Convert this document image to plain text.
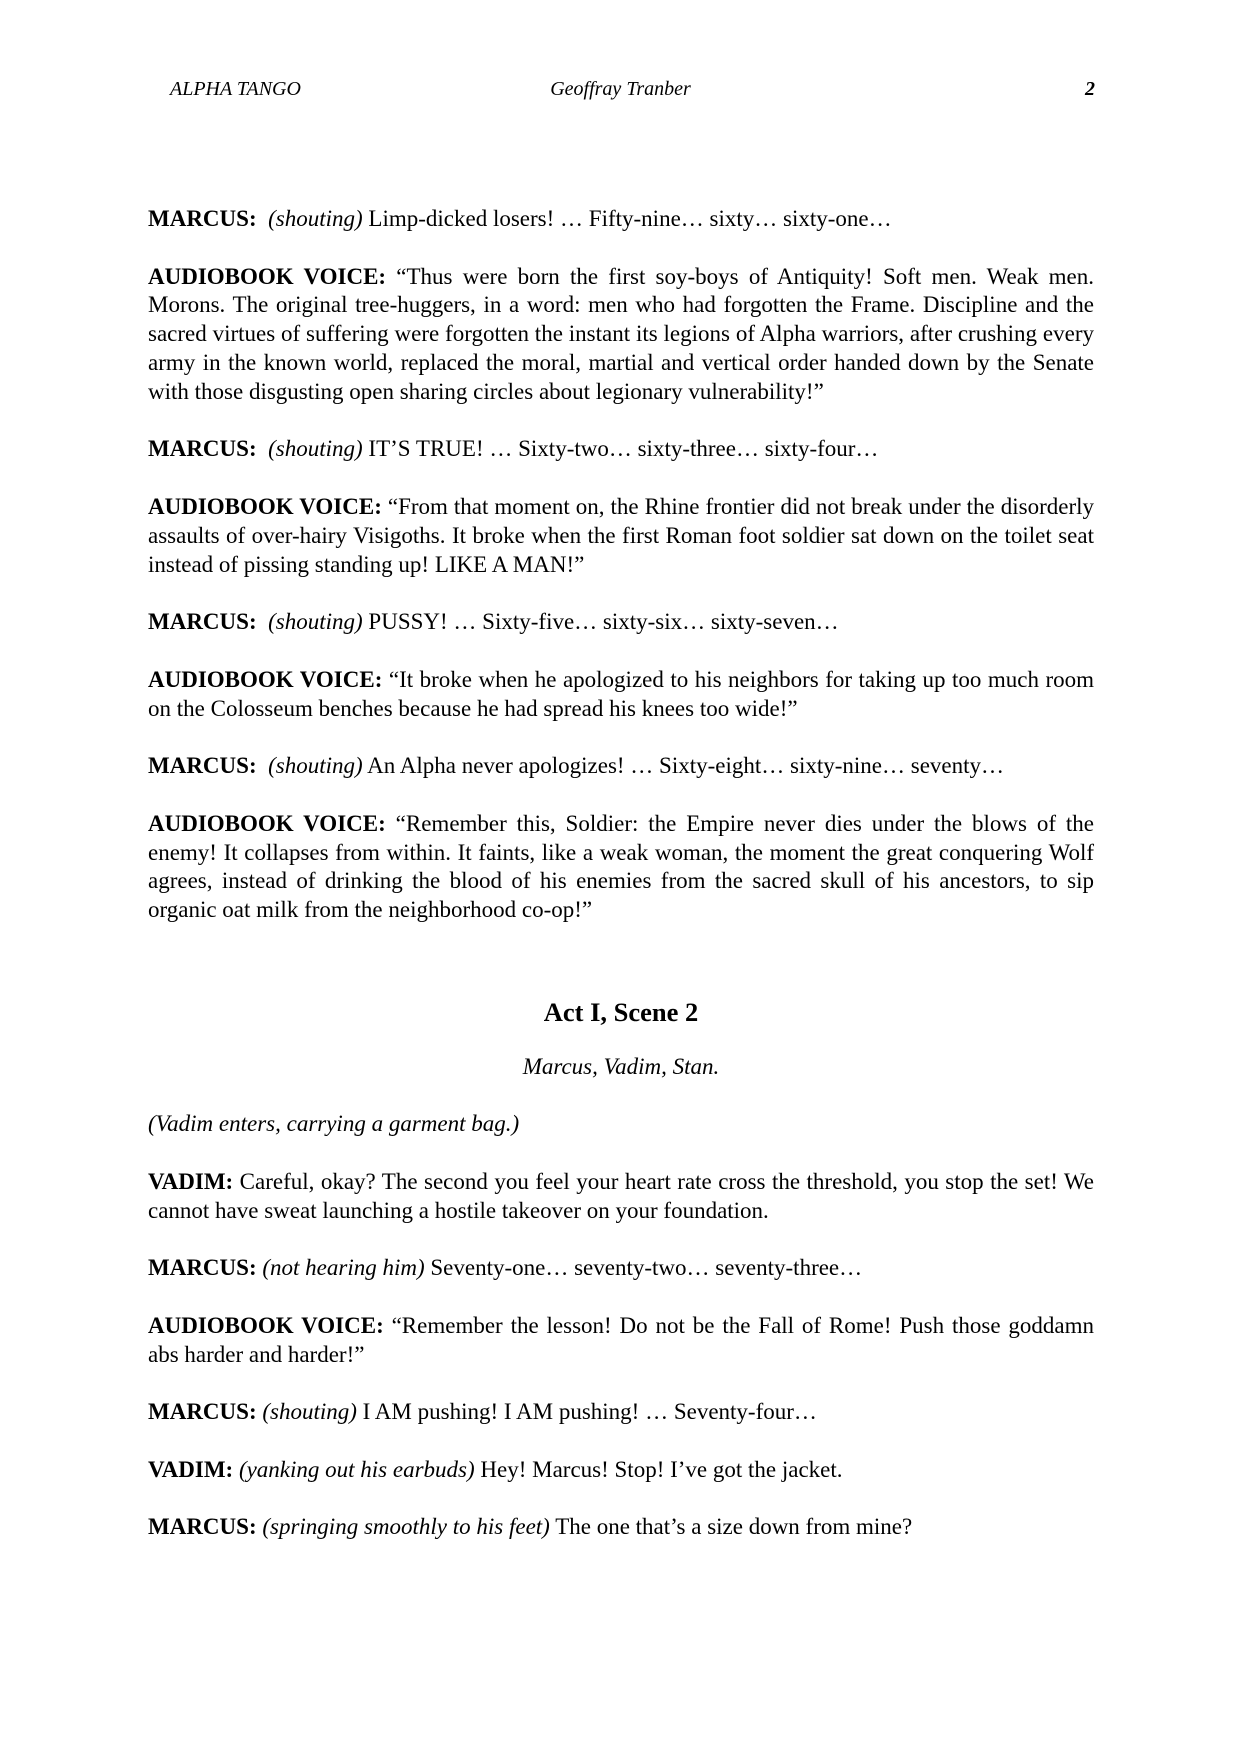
ALPHA TANGO	Geoffray Tranber	2

MARCUS: (shouting) Limp-dicked losers! … Fifty-nine… sixty… sixty-one…

AUDIOBOOK VOICE: “Thus were born the first soy-boys of Antiquity! Soft men. Weak men. Morons. The original tree-huggers, in a word: men who had forgotten the Frame. Discipline and the sacred virtues of suffering were forgotten the instant its legions of Alpha warriors, after crushing every army in the known world, replaced the moral, martial and vertical order handed down by the Senate with those disgusting open sharing circles about legionary vulnerability!”

MARCUS: (shouting) IT’S TRUE! … Sixty-two… sixty-three… sixty-four…

AUDIOBOOK VOICE: “From that moment on, the Rhine frontier did not break under the disorderly assaults of over-hairy Visigoths. It broke when the first Roman foot soldier sat down on the toilet seat instead of pissing standing up! LIKE A MAN!”

MARCUS: (shouting) PUSSY! … Sixty-five… sixty-six… sixty-seven…

AUDIOBOOK VOICE: “It broke when he apologized to his neighbors for taking up too much room on the Colosseum benches because he had spread his knees too wide!”

MARCUS: (shouting) An Alpha never apologizes! … Sixty-eight… sixty-nine… seventy…

AUDIOBOOK VOICE: “Remember this, Soldier: the Empire never dies under the blows of the enemy! It collapses from within. It faints, like a weak woman, the moment the great conquering Wolf agrees, instead of drinking the blood of his enemies from the sacred skull of his ancestors, to sip organic oat milk from the neighborhood co-op!”

Act I, Scene 2
Marcus, Vadim, Stan.
(Vadim enters, carrying a garment bag.)

VADIM: Careful, okay? The second you feel your heart rate cross the threshold, you stop the set! We cannot have sweat launching a hostile takeover on your foundation.

MARCUS: (not hearing him) Seventy-one… seventy-two… seventy-three…

AUDIOBOOK VOICE: “Remember the lesson! Do not be the Fall of Rome! Push those goddamn abs harder and harder!”

MARCUS: (shouting) I AM pushing! I AM pushing! … Seventy-four…

VADIM: (yanking out his earbuds) Hey! Marcus! Stop! I’ve got the jacket.

MARCUS: (springing smoothly to his feet) The one that’s a size down from mine?
